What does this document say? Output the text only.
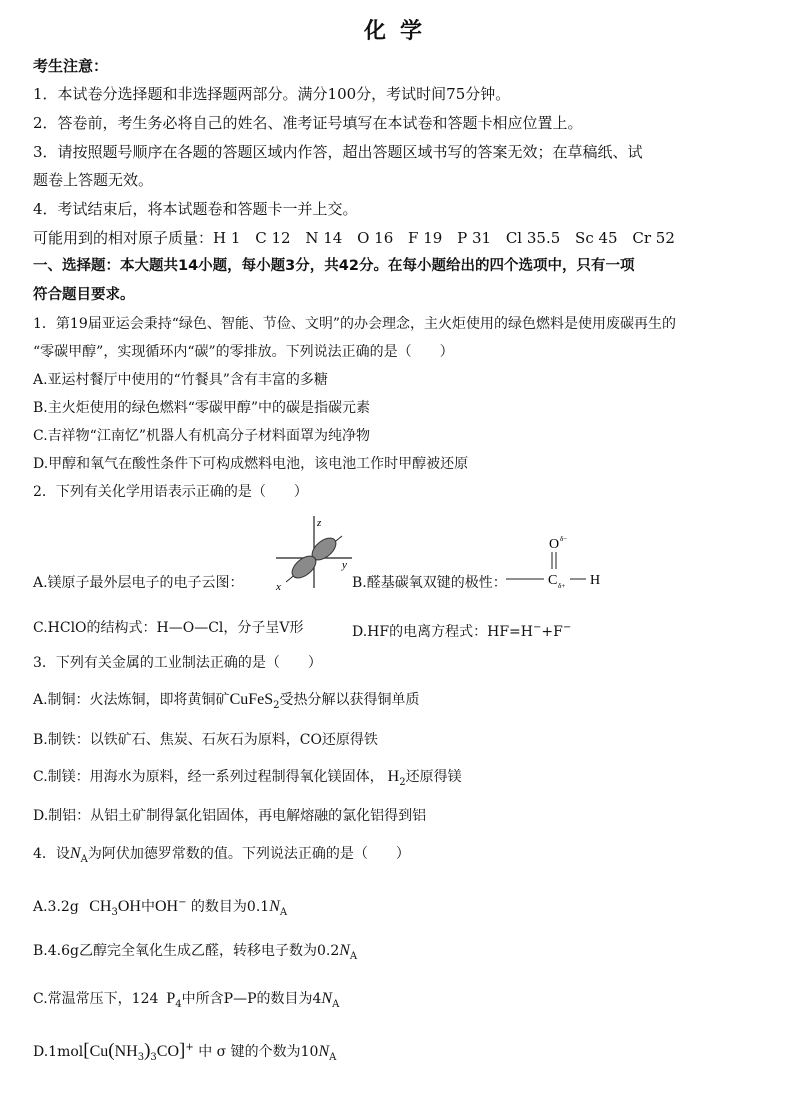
化学
考生注意：
1．本试卷分选择题和非选择题两部分。满分100分，考试时间75分钟。
2．答卷前，考生务必将自己的姓名、准考证号填写在本试卷和答题卡相应位置上。
3．请按照题号顺序在各题的答题区域内作答，超出答题区域书写的答案无效；在草稿纸、试
题卷上答题无效。
4．考试结束后，将本试题卷和答题卡一并上交。
可能用到的相对原子质量：H 1 C 12 N 14 O 16 F 19 P 31 Cl 35.5 Sc 45 Cr 52
一、选择题：本大题共14小题，每小题3分，共42分。在每小题给出的四个选项中，只有一项
符合题目要求。
1．第19届亚运会秉持“绿色、智能、节俭、文明”的办会理念，主火炬使用的绿色燃料是使用废碳再生的
“零碳甲醇”，实现循环内“碳”的零排放。下列说法正确的是（　　）
A.亚运村餐厅中使用的“竹餐具”含有丰富的多糖
B.主火炬使用的绿色燃料“零碳甲醇”中的碳是指碳元素
C.吉祥物“江南忆”机器人有机高分子材料面罩为纯净物
D.甲醇和氧气在酸性条件下可构成燃料电池，该电池工作时甲醇被还原
2．下列有关化学用语表示正确的是（　　）
z
x
y
A.镁原子最外层电子的电子云图：	B.醛基碳氧双键的极性：
O δ−
C δ+ H
C.HClO的结构式：H—O—Cl，分子呈V形	D.HF的电离方程式：HF=H−+F−
3．下列有关金属的工业制法正确的是（　　）
A.制铜：火法炼铜，即将黄铜矿CuFeS$_2$受热分解以获得铜单质
B.制铁：以铁矿石、焦炭、石灰石为原料，CO还原得铁
C.制镁：用海水为原料，经一系列过程制得氧化镁固体， $H_2$还原得镁
D.制铝：从铝土矿制得氯化铝固体，再电解熔融的氯化铝得到铝
4．设$N_A$为阿伏加德罗常数的值。下列说法正确的是（　　）
A.3.2g $CH_3OH$中OH− 的数目为$0.1N_A$
B.4.6g乙醇完全氧化生成乙醛，转移电子数为$0.2N_A$
C.常温常压下，124 $P_4$中所含P—P的数目为$4N_A$
$D.1mol[Cu(NH_3)_3CO]^+$ 中 σ 键的个数为$10N_A$
